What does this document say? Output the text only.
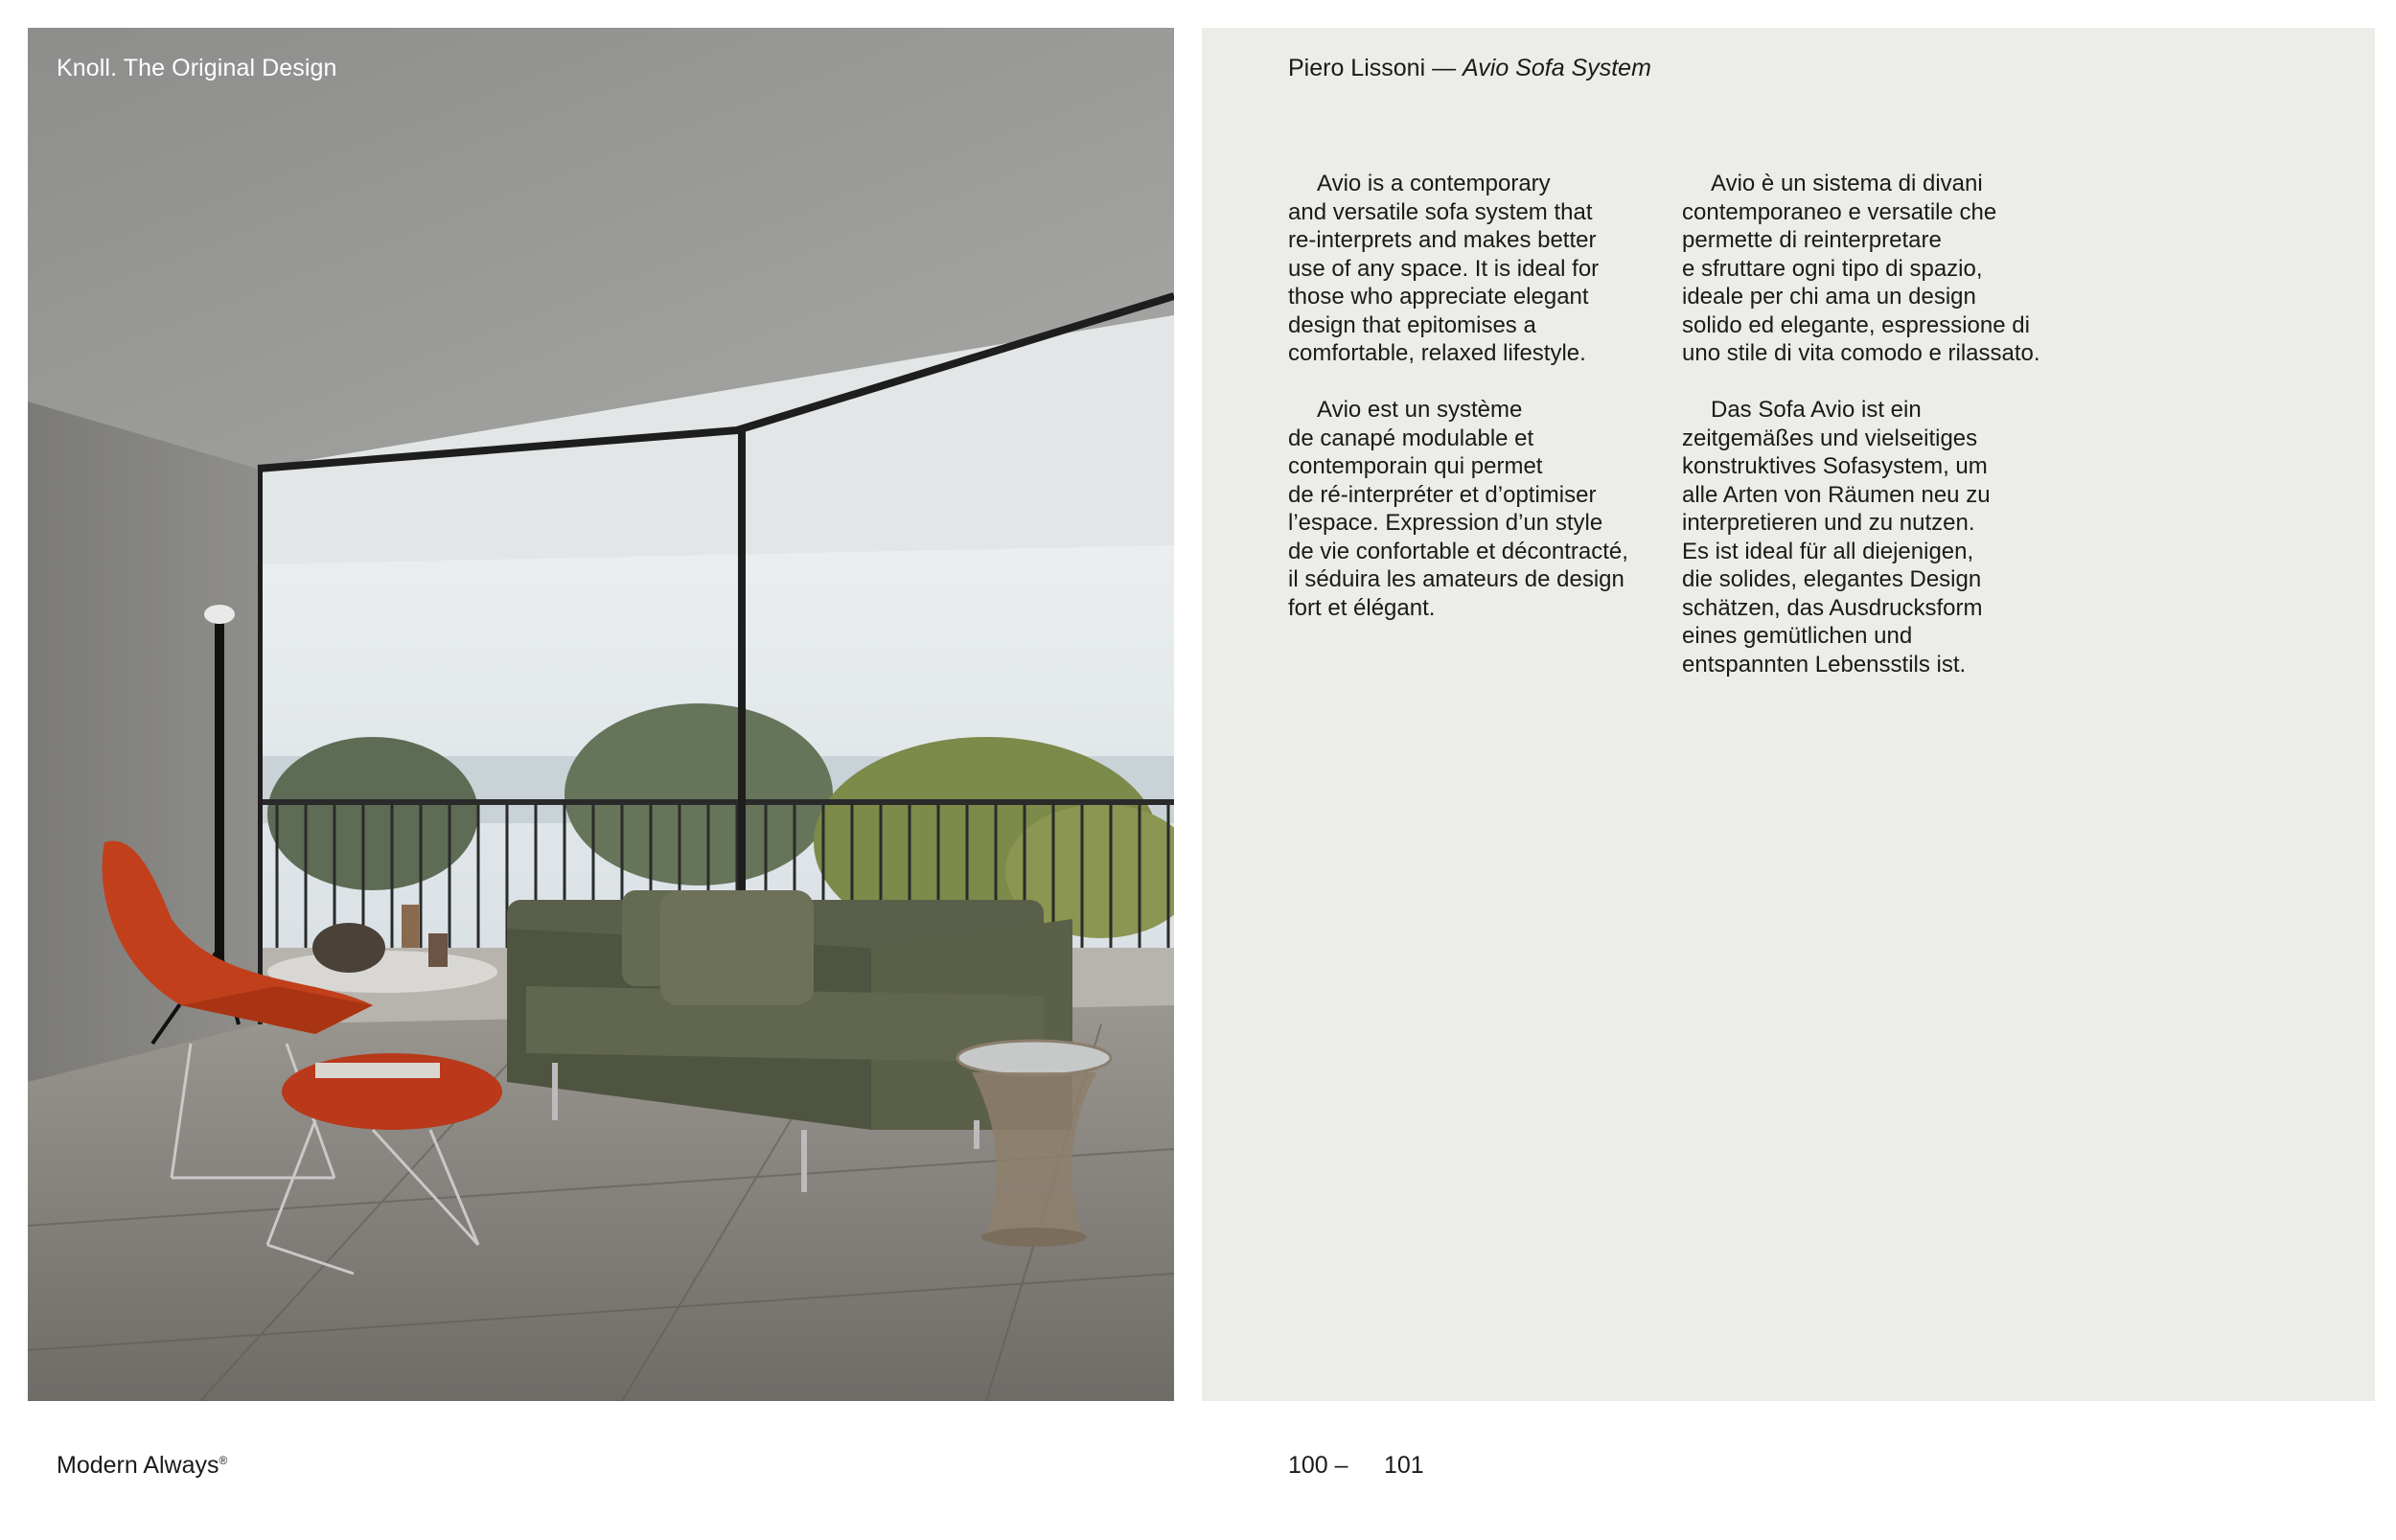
Knoll. The Original Design	Piero Lissoni — Avio Sofa System

Avio is a contemporary
and versatile sofa system that
re-interprets and makes better
use of any space. It is ideal for
those who appreciate elegant
design that epitomises a
comfortable, relaxed lifestyle.

Avio est un système
de canapé modulable et
contemporain qui permet
de ré-interpréter et d’optimiser
l’espace. Expression d’un style
de vie confortable et décontracté,
il séduira les amateurs de design
fort et élégant.

Avio è un sistema di divani
contemporaneo e versatile che
permette di reinterpretare
e sfruttare ogni tipo di spazio,
ideale per chi ama un design
solido ed elegante, espressione di
uno stile di vita comodo e rilassato.

Das Sofa Avio ist ein
zeitgemäßes und vielseitiges
konstruktives Sofasystem, um
alle Arten von Räumen neu zu
interpretieren und zu nutzen.
Es ist ideal für all diejenigen,
die solides, elegantes Design
schätzen, das Ausdrucksform
eines gemütlichen und
entspannten Lebensstils ist.

Modern Always®	100 – 101
